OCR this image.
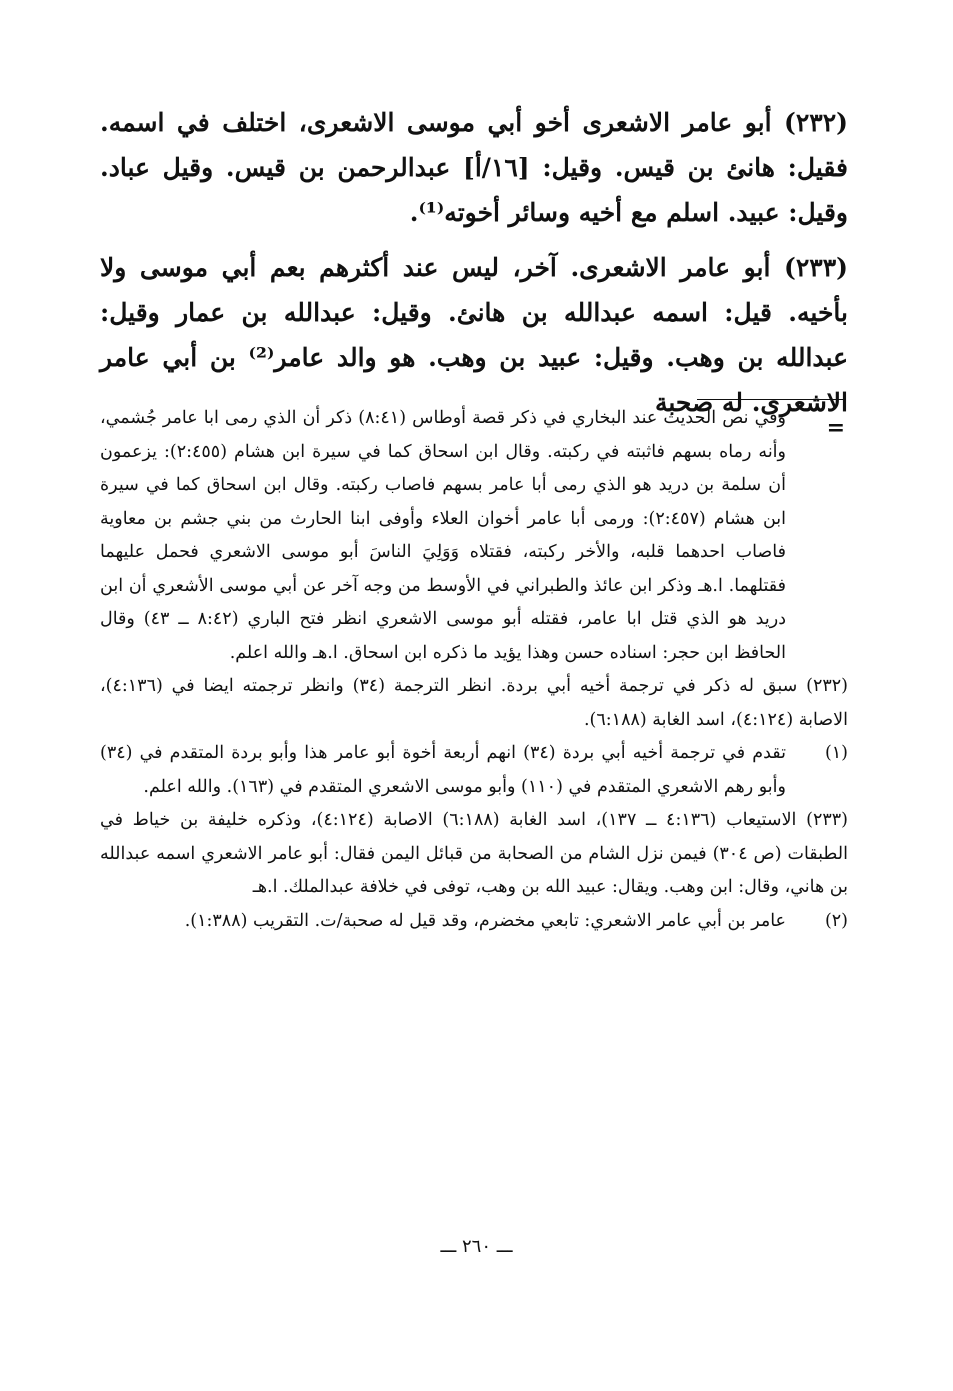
(٢٣٢) أبو عامر الاشعرى أخو أبي موسى الاشعرى، اختلف في اسمه. فقيل: هانئ بن قيس. وقيل: [١٦/أ] عبدالرحمن بن قيس. وقيل عباد. وقيل: عبيد. اسلم مع أخيه وسائر أخوته⁽¹⁾.

(٢٣٣) أبو عامر الاشعرى. آخر، ليس عند أكثرهم بعم أبي موسى ولا بأخيه. قيل: اسمه عبدالله بن هانئ. وقيل: عبدالله بن عمار وقيل: عبدالله بن وهب. وقيل: عبيد بن وهب. هو والد عامر⁽²⁾ بن أبي عامر الاشعرى. له صحبة

=
وفي نص الحديث عند البخاري في ذكر قصة أوطاس (٨:٤١) ذكر أن الذي رمى ابا عامر جُشمي، وأنه رماه بسهم فاثبته في ركبته. وقال ابن اسحاق كما في سيرة ابن هشام (٢:٤٥٥): يزعمون أن سلمة بن دريد هو الذي رمى أبا عامر بسهم فاصاب ركبته. وقال ابن اسحاق كما في سيرة ابن هشام (٢:٤٥٧): ورمى أبا عامر أخوان العلاء وأوفى ابنا الحارث من بني جشم بن معاوية فاصاب احدهما قلبه، والأخر ركبته، فقتلاه وَوَلِيَ الناسَ أبو موسى الاشعري فحمل عليهما فقتلهما. ا.هـ وذكر ابن عائذ والطبراني في الأوسط من وجه آخر عن أبي موسى الأشعري أن ابن دريد هو الذي قتل ابا عامر، فقتله أبو موسى الاشعري انظر فتح الباري (٨:٤٢ ــ ٤٣) وقال الحافظ ابن حجر: اسناده حسن وهذا يؤيد ما ذكره ابن اسحاق. ا.هـ والله اعلم.
(٢٣٢) سبق له ذكر في ترجمة أخيه أبي بردة. انظر الترجمة (٣٤) وانظر ترجمته ايضا في (٤:١٣٦)، الاصابة (٤:١٢٤)، اسد الغابة (٦:١٨٨).
(١)
تقدم في ترجمة أخيه أبي بردة (٣٤) انهم أربعة أخوة أبو عامر هذا وأبو بردة المتقدم في (٣٤) وأبو رهم الاشعري المتقدم في (١١٠) وأبو موسى الاشعري المتقدم في (١٦٣). والله اعلم.
(٢٣٣) الاستيعاب (٤:١٣٦ ــ ١٣٧)، اسد الغابة (٦:١٨٨) الاصابة (٤:١٢٤)، وذكره خليفة بن خياط في الطبقات (ص ٣٠٤) فيمن نزل الشام من الصحابة من قبائل اليمن فقال: أبو عامر الاشعري اسمه عبدالله بن هاني، وقال: ابن وهب. ويقال: عبيد الله بن وهب، توفى في خلافة عبدالملك. ا.هـ
(٢)
عامر بن أبي عامر الاشعري: تابعي مخضرم، وقد قيل له صحبة/ت. التقريب (١:٣٨٨).
ـــ ٢٦٠ ـــ
